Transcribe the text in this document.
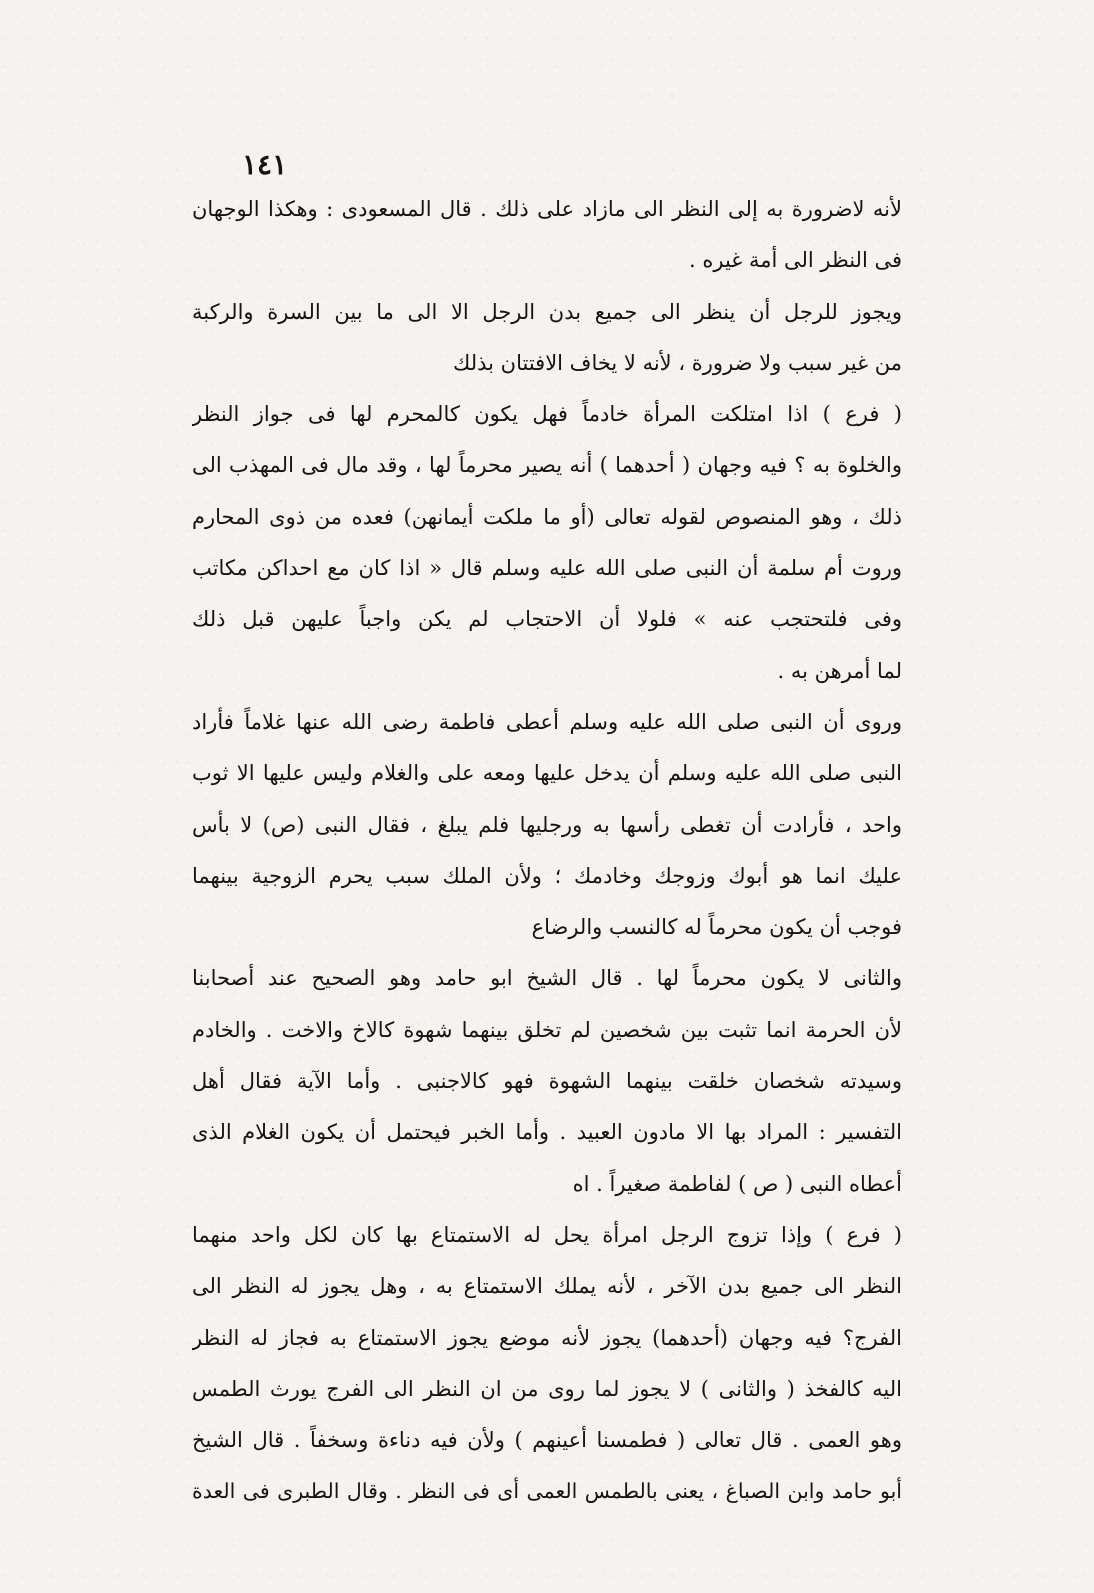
١٤١
لأنه لاضرورة به إلى النظر الى مازاد على ذلك . قال المسعودى : وهكذا الوجهان
فى النظر الى أمة غيره .
ويجوز للرجل أن ينظر الى جميع بدن الرجل الا الى ما بين السرة والركبة
من غير سبب ولا ضرورة ، لأنه لا يخاف الافتتان بذلك
( فرع ) اذا امتلكت المرأة خادماً فهل يكون كالمحرم لها فى جواز النظر
والخلوة به ؟ فيه وجهان ( أحدهما ) أنه يصير محرماً لها ، وقد مال فى المهذب الى
ذلك ، وهو المنصوص لقوله تعالى (أو ما ملكت أيمانهن) فعده من ذوى المحارم
وروت أم سلمة أن النبى صلى الله عليه وسلم قال « اذا كان مع احداكن مكاتب
وفى فلتحتجب عنه » فلولا أن الاحتجاب لم يكن واجباً عليهن قبل ذلك
لما أمرهن به .
وروى أن النبى صلى الله عليه وسلم أعطى فاطمة رضى الله عنها غلاماً فأراد
النبى صلى الله عليه وسلم أن يدخل عليها ومعه على والغلام وليس عليها الا ثوب
واحد ، فأرادت أن تغطى رأسها به ورجليها فلم يبلغ ، فقال النبى (ص) لا بأس
عليك انما هو أبوك وزوجك وخادمك ؛ ولأن الملك سبب يحرم الزوجية بينهما
فوجب أن يكون محرماً له كالنسب والرضاع
والثانى لا يكون محرماً لها . قال الشيخ ابو حامد وهو الصحيح عند أصحابنا
لأن الحرمة انما تثبت بين شخصين لم تخلق بينهما شهوة كالاخ والاخت . والخادم
وسيدته شخصان خلقت بينهما الشهوة فهو كالاجنبى . وأما الآية فقال أهل
التفسير : المراد بها الا مادون العبيد . وأما الخبر فيحتمل أن يكون الغلام الذى
أعطاه النبى ( ص ) لفاطمة صغيراً . اه
( فرع ) وإذا تزوج الرجل امرأة يحل له الاستمتاع بها كان لكل واحد منهما
النظر الى جميع بدن الآخر ، لأنه يملك الاستمتاع به ، وهل يجوز له النظر الى
الفرج؟ فيه وجهان (أحدهما) يجوز لأنه موضع يجوز الاستمتاع به فجاز له النظر
اليه كالفخذ ( والثانى ) لا يجوز لما روى من ان النظر الى الفرج يورث الطمس
وهو العمى . قال تعالى ( فطمسنا أعينهم ) ولأن فيه دناءة وسخفاً . قال الشيخ
أبو حامد وابن الصباغ ، يعنى بالطمس العمى أى فى النظر . وقال الطبرى فى العدة
